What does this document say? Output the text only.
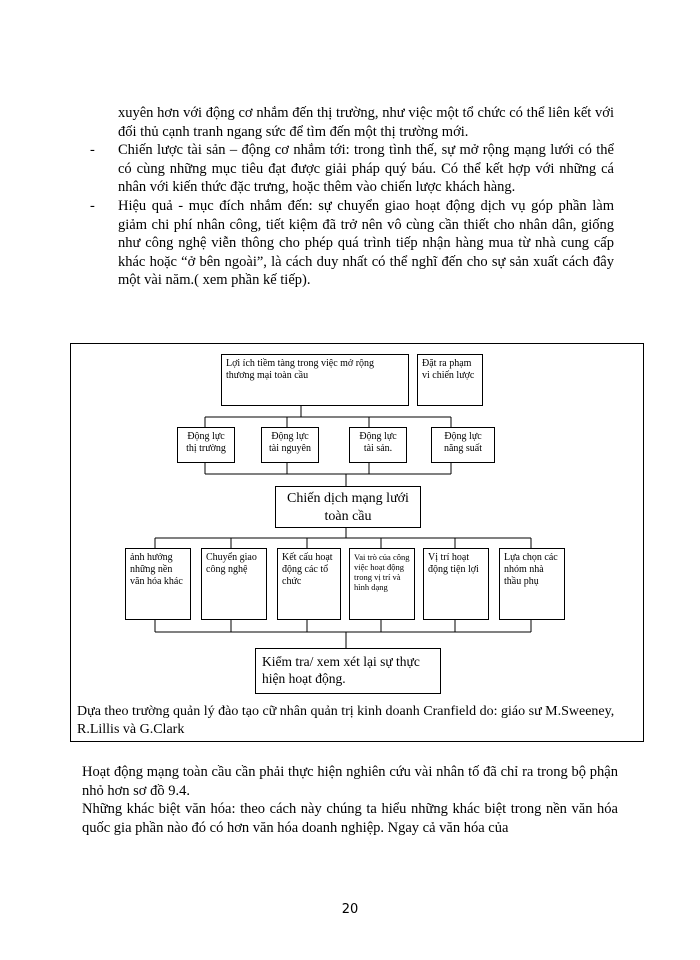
xuyên hơn với động cơ nhắm đến thị trường, như việc một tổ chức có thể liên kết với đối thủ cạnh tranh ngang sức để tìm đến một thị trường mới.

- Chiến lược tài sản – động cơ nhắm tới: trong tình thế, sự mở rộng mạng lưới có thể có cùng những mục tiêu đạt được giải pháp quý báu. Có thể kết hợp với những cá nhân với kiến thức đặc trưng, hoặc thêm vào chiến lược khách hàng.

- Hiệu quả - mục đích nhắm đến: sự chuyển giao hoạt động dịch vụ góp phần làm giảm chi phí nhân công, tiết kiệm đã trở nên vô cùng cần thiết cho nhân dân, giống như công nghệ viễn thông cho phép quá trình tiếp nhận hàng mua từ nhà cung cấp khác hoặc “ở bên ngoài”, là cách duy nhất có thể nghĩ đến cho sự sản xuất cách đây một vài năm.( xem phần kế tiếp).

Lợi ích tiềm tàng trong việc mở rộng thương mại toàn cầu
Đặt ra phạm vi chiến lược
Động lực thị trường
Động lực tài nguyên
Động lực tài sản.
Động lực năng suất
Chiến dịch mạng lưới toàn cầu
ảnh hưởng những nền văn hóa khác
Chuyển giao công nghệ
Kết cấu hoạt động các tổ chức
Vai trò của công việc hoạt động trong vị trí và hình dạng
Vị trí hoạt động tiện lợi
Lựa chọn các nhóm nhà thầu phụ
Kiểm tra/ xem xét lại sự thực hiện hoạt động.
Dựa theo trường quản lý đào tạo cữ nhân quản trị kinh doanh Cranfield do: giáo sư M.Sweeney, R.Lillis và G.Clark

Hoạt động mạng toàn cầu cần phải thực hiện nghiên cứu vài nhân tố đã chỉ ra trong bộ phận nhỏ hơn sơ đồ 9.4.

Những khác biệt văn hóa: theo cách này chúng ta hiểu những khác biệt trong nền văn hóa quốc gia phần nào đó có hơn văn hóa doanh nghiệp. Ngay cả văn hóa của

20
